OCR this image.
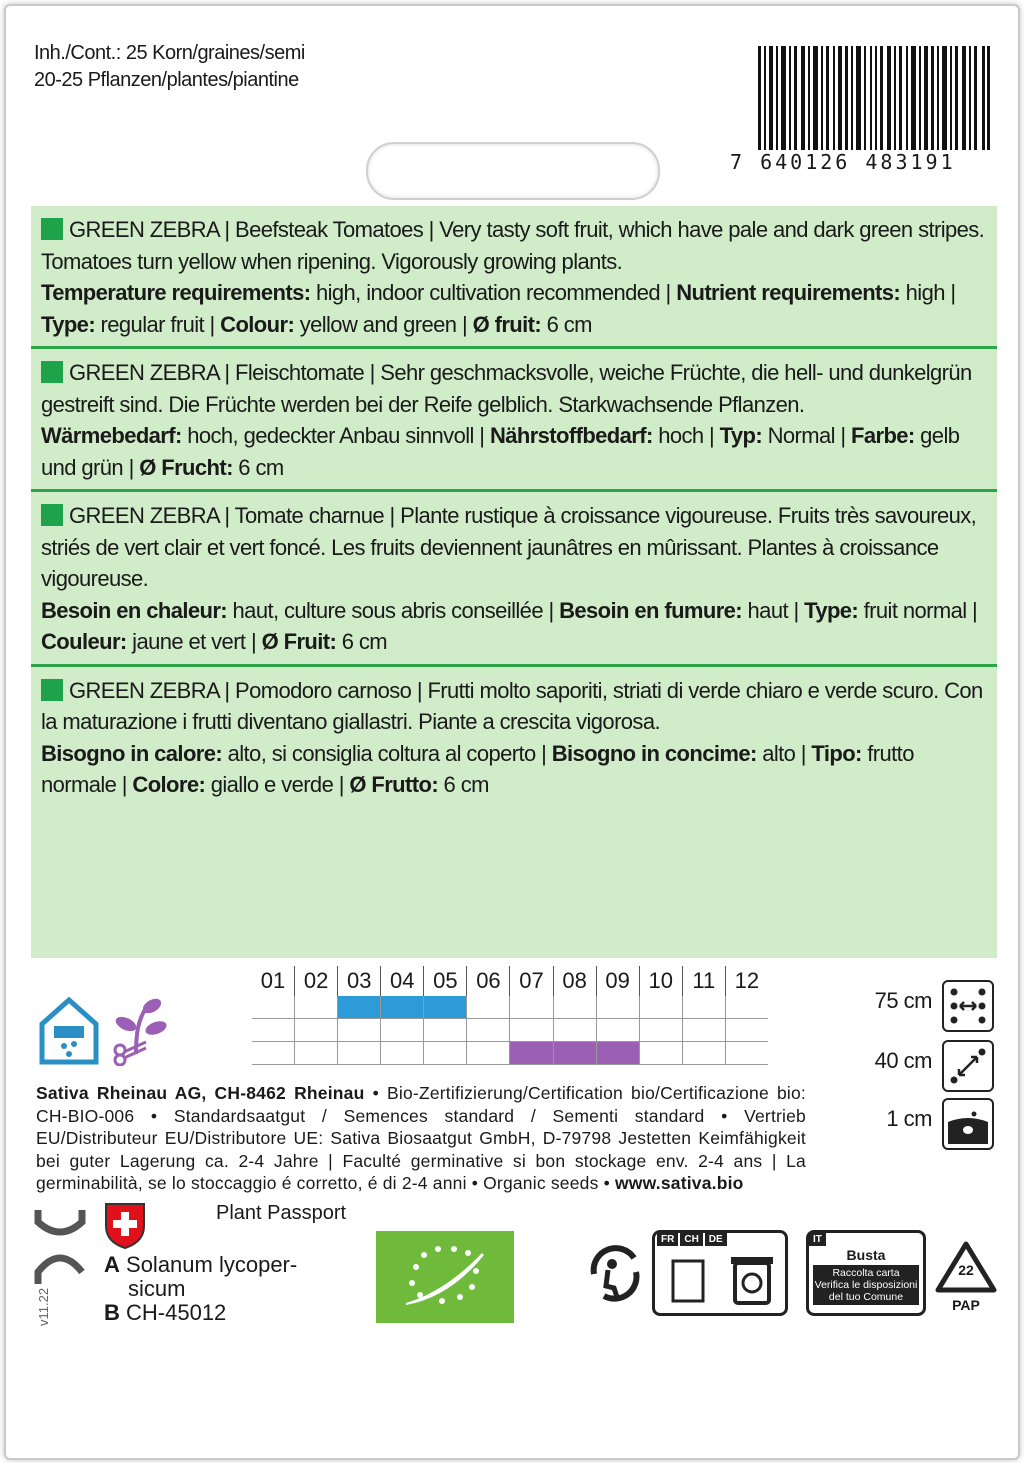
Inh./Cont.: 25 Korn/graines/semi
20-25 Pflanzen/plantes/piantine
7 640126 483191
GREEN ZEBRA | Beefsteak Tomatoes | Very tasty soft fruit, which have pale and dark green stripes. Tomatoes turn yellow when ripening. Vigorously growing plants.
Temperature requirements: high, indoor cultivation recommended | Nutrient requirements: high | Type: regular fruit | Colour: yellow and green | Ø fruit: 6 cm
GREEN ZEBRA | Fleischtomate | Sehr geschmacksvolle, weiche Früchte, die hell- und dunkelgrün gestreift sind. Die Früchte werden bei der Reife gelblich. Starkwachsende Pflanzen.
Wärmebedarf: hoch, gedeckter Anbau sinnvoll | Nährstoffbedarf: hoch | Typ: Normal | Farbe: gelb und grün | Ø Frucht: 6 cm
GREEN ZEBRA | Tomate charnue | Plante rustique à croissance vigoureuse. Fruits très savoureux, striés de vert clair et vert foncé. Les fruits deviennent jaunâtres en mûrissant. Plantes à croissance vigoureuse.
Besoin en chaleur: haut, culture sous abris conseillée | Besoin en fumure: haut | Type: fruit normal | Couleur: jaune et vert | Ø Fruit: 6 cm
GREEN ZEBRA | Pomodoro carnoso | Frutti molto saporiti, striati di verde chiaro e verde scuro. Con la maturazione i frutti diventano giallastri. Piante a crescita vigorosa.
Bisogno in calore: alto, si consiglia coltura al coperto | Bisogno in concime: alto | Tipo: frutto normale | Colore: giallo e verde | Ø Frutto: 6 cm
01 02 03 04 05 06 07 08 09 10 11 12
75 cm
40 cm
1 cm
Sativa Rheinau AG, CH-8462 Rheinau • Bio-Zertifizierung/Certification bio/Certificazione bio: CH-BIO-006 • Standardsaatgut / Semences standard / Sementi standard • Vertrieb EU/Distributeur EU/Distributore UE: Sativa Biosaatgut GmbH, D-79798 Jestetten Keimfähigkeit bei guter Lagerung ca. 2-4 Jahre | Faculté germinative si bon stockage env. 2-4 ans | La germinabilità, se lo stoccaggio é corretto, é di 2-4 anni • Organic seeds • www.sativa.bio
Plant Passport
A Solanum lycoper-
sicum
B CH-45012
v11.22
FR	CH	DE	IT
Busta
Raccolta carta
Verifica le disposizioni
del tuo Comune
22
PAP
